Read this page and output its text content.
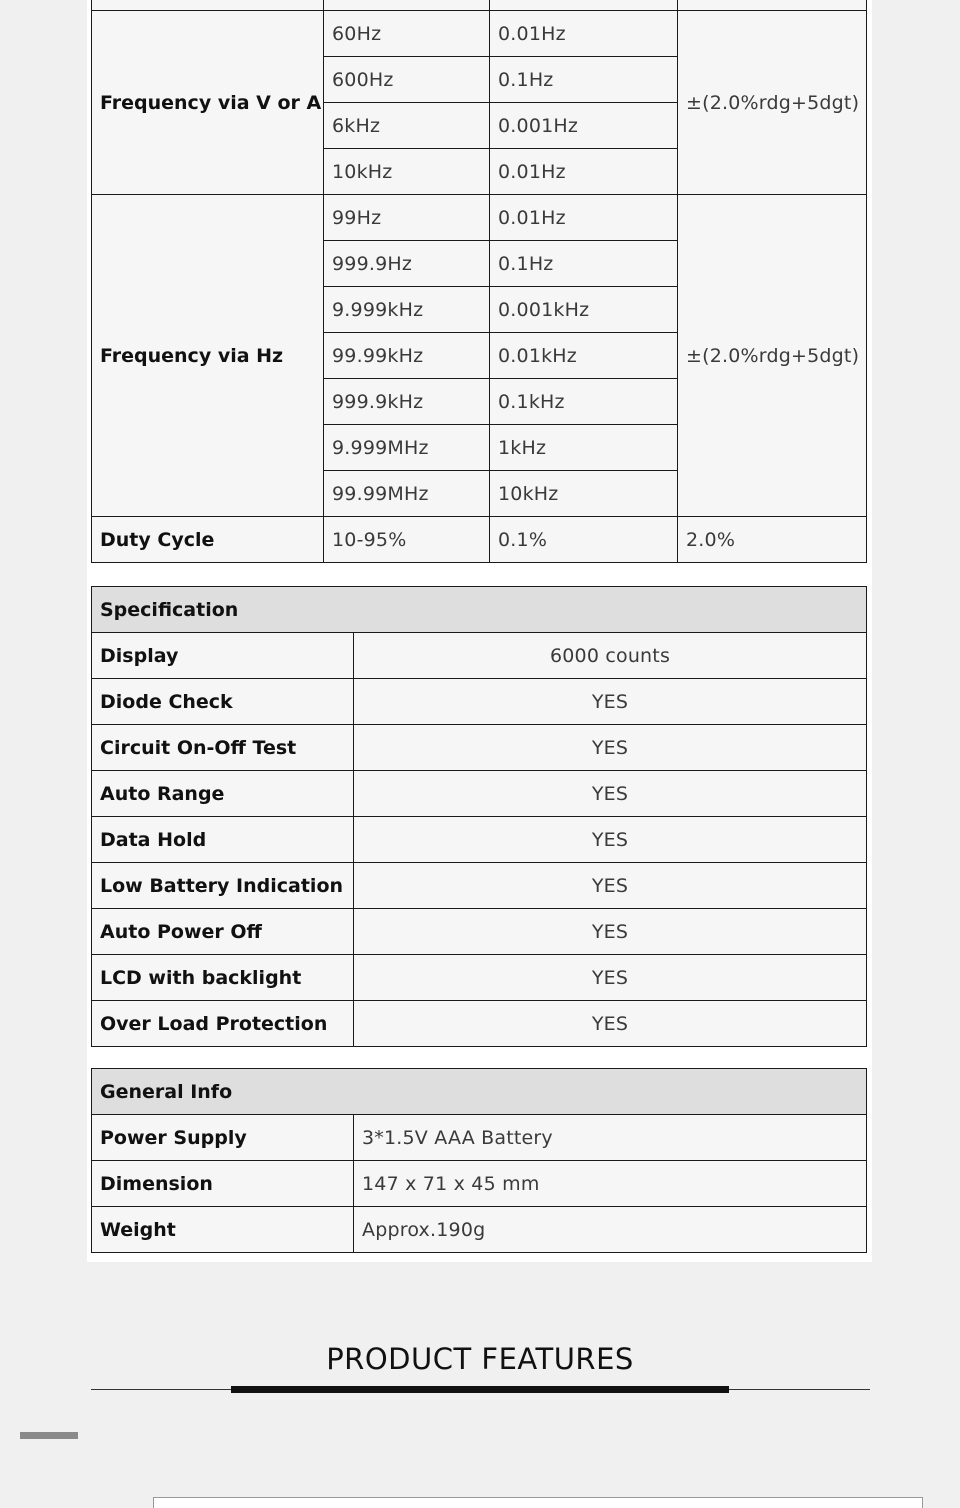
Frequency via V or A	60Hz	0.01Hz	±(2.0%rdg+5dgt)
	600Hz	0.1Hz	
	6kHz	0.001Hz	
	10kHz	0.01Hz	
Frequency via Hz	99Hz	0.01Hz	±(2.0%rdg+5dgt)
	999.9Hz	0.1Hz	
	9.999kHz	0.001kHz	
	99.99kHz	0.01kHz	
	999.9kHz	0.1kHz	
	9.999MHz	1kHz	
	99.99MHz	10kHz	
Duty Cycle	10-95%	0.1%	2.0%
Specification	
Display	6000 counts
Diode Check	YES
Circuit On-Off Test	YES
Auto Range	YES
Data Hold	YES
Low Battery Indication	YES
Auto Power Off	YES
LCD with backlight	YES
Over Load Protection	YES
General Info	
Power Supply	3*1.5V AAA Battery
Dimension	147 x 71 x 45 mm
Weight	Approx.190g
PRODUCT FEATURES
